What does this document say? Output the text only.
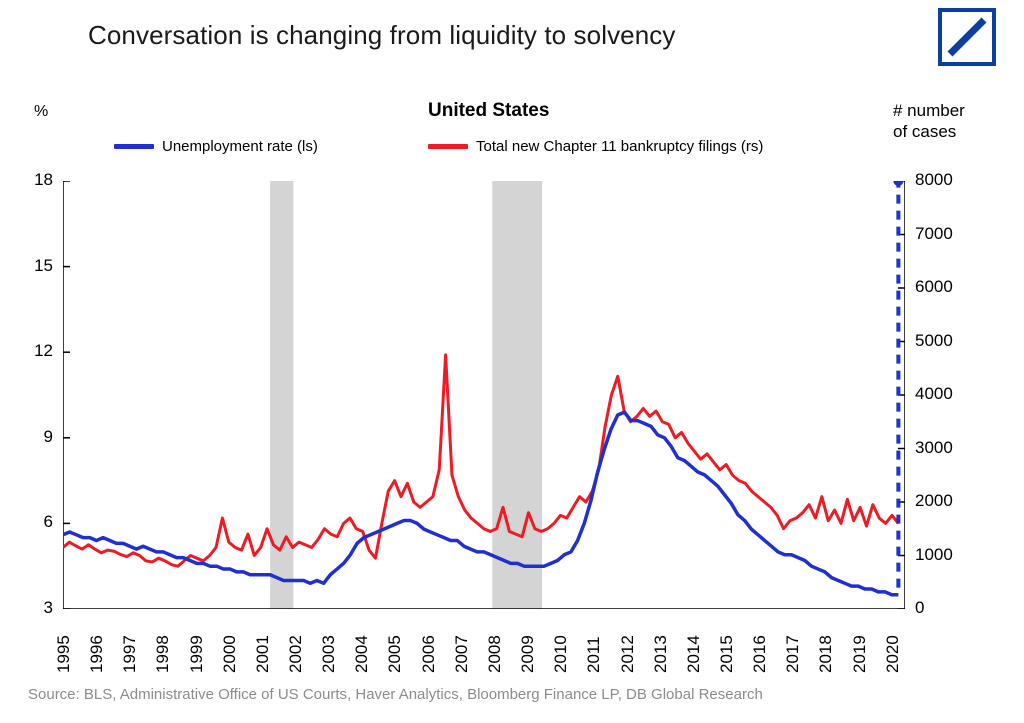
Conversation is changing from liquidity to solvency
%	# number
of cases
United States
Unemployment rate (ls)	Total new Chapter 11 bankruptcy filings (rs)
3
6
9
12
15
18
0
1000
2000
3000
4000
5000
6000
7000
8000
1995 1996 1997 1998 1999 2000 2001 2002 2003 2004 2005 2006 2007 2008 2009 2010 2011 2012 2013 2014 2015 2016 2017 2018 2019 2020
Source: BLS, Administrative Office of US Courts, Haver Analytics, Bloomberg Finance LP, DB Global Research
